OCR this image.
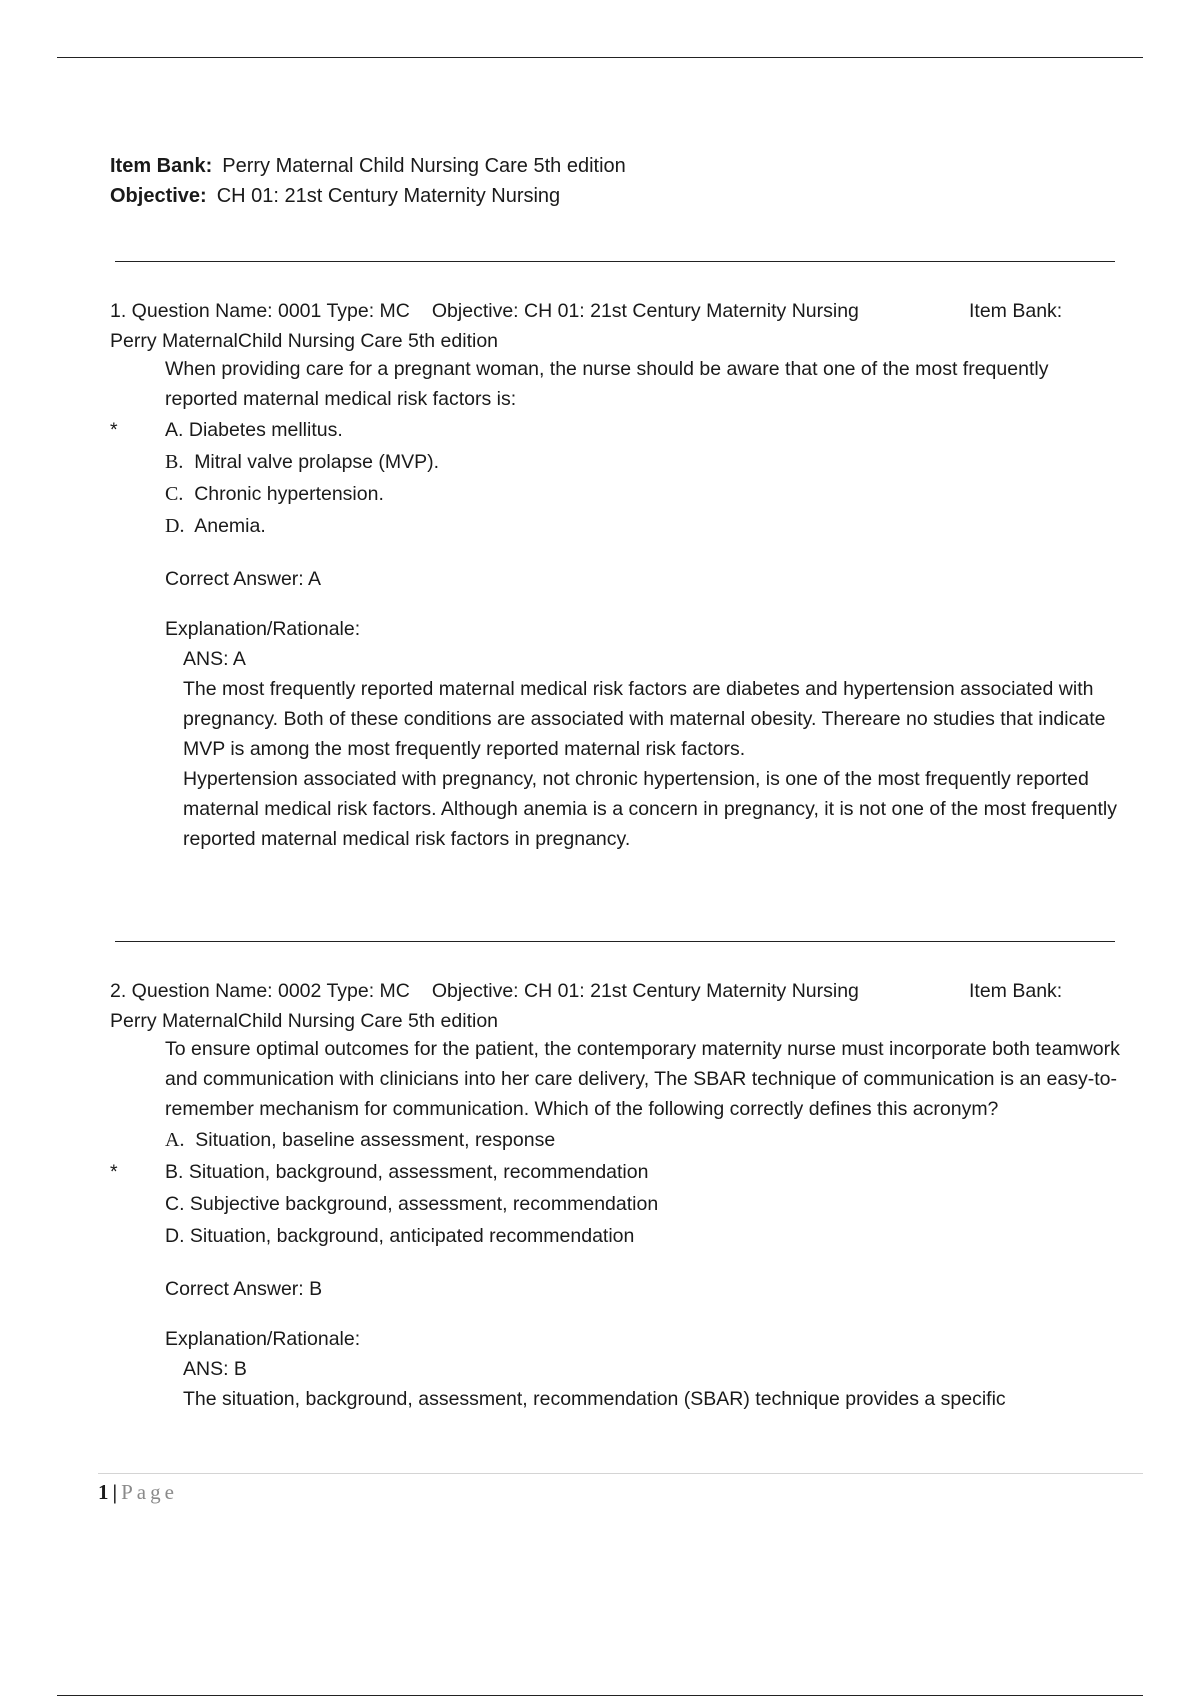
Item Bank: Perry Maternal Child Nursing Care 5th edition
Objective: CH 01: 21st Century Maternity Nursing
1. Question Name: 0001 Type: MC Objective: CH 01: 21st Century Maternity Nursing	Item Bank:
Perry MaternalChild Nursing Care 5th edition

When providing care for a pregnant woman, the nurse should be aware that one of the most frequently reported maternal medical risk factors is:

* A. Diabetes mellitus.
B. Mitral valve prolapse (MVP).
C. Chronic hypertension.
D. Anemia.
Correct Answer: A
Explanation/Rationale:

ANS: A

The most frequently reported maternal medical risk factors are diabetes and hypertension associated with pregnancy. Both of these conditions are associated with maternal obesity. Thereare no studies that indicate MVP is among the most frequently reported maternal risk factors.

Hypertension associated with pregnancy, not chronic hypertension, is one of the most frequently reported maternal medical risk factors. Although anemia is a concern in pregnancy, it is not one of the most frequently reported maternal medical risk factors in pregnancy.

2. Question Name: 0002 Type: MC Objective: CH 01: 21st Century Maternity Nursing	Item Bank:
Perry MaternalChild Nursing Care 5th edition

To ensure optimal outcomes for the patient, the contemporary maternity nurse must incorporate both teamwork and communication with clinicians into her care delivery, The SBAR technique of communication is an easy-to-remember mechanism for communication. Which of the following correctly defines this acronym?

A. Situation, baseline assessment, response
* B. Situation, background, assessment, recommendation
C. Subjective background, assessment, recommendation
D. Situation, background, anticipated recommendation
Correct Answer: B
Explanation/Rationale:

ANS: B

The situation, background, assessment, recommendation (SBAR) technique provides a specific

1 | Page
